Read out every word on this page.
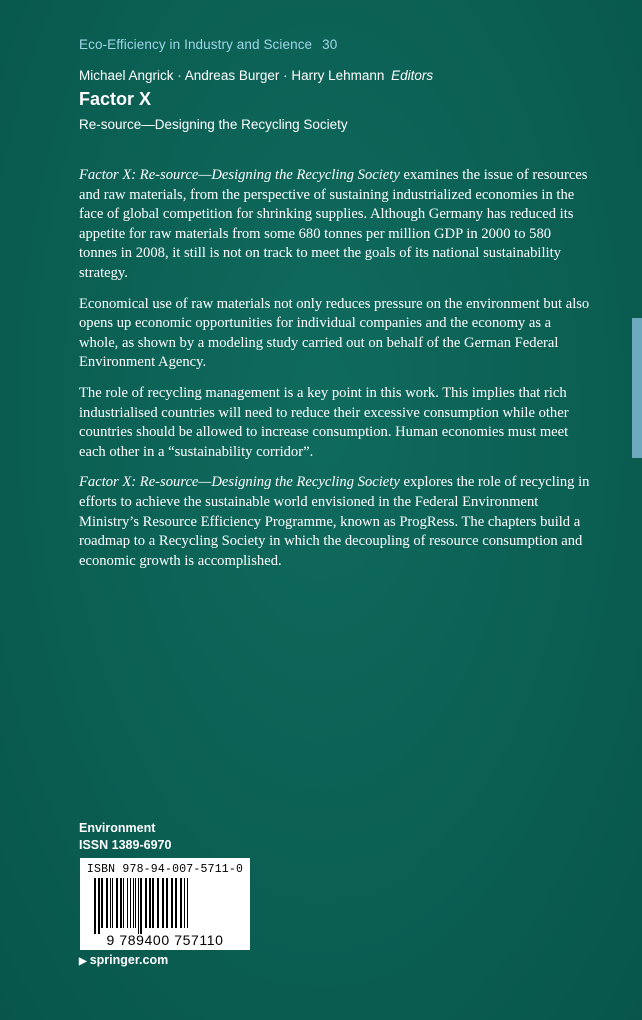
Eco-Efficiency in Industry and Science 30
Michael Angrick · Andreas Burger · Harry Lehmann Editors
Factor X
Re-source—Designing the Recycling Society

Factor X: Re-source—Designing the Recycling Society examines the issue of resources and raw materials, from the perspective of sustaining industrialized economies in the face of global competition for shrinking supplies. Although Germany has reduced its appetite for raw materials from some 680 tonnes per million GDP in 2000 to 580 tonnes in 2008, it still is not on track to meet the goals of its national sustainability strategy.

Economical use of raw materials not only reduces pressure on the environment but also opens up economic opportunities for individual companies and the economy as a whole, as shown by a modeling study carried out on behalf of the German Federal Environment Agency.

The role of recycling management is a key point in this work. This implies that rich industrialised countries will need to reduce their excessive consumption while other countries should be allowed to increase consumption. Human economies must meet each other in a “sustainability corridor”.

Factor X: Re-source—Designing the Recycling Society explores the role of recycling in efforts to achieve the sustainable world envisioned in the Federal Environment Ministry’s Resource Efficiency Programme, known as ProgRess. The chapters build a roadmap to a Recycling Society in which the decoupling of resource consumption and economic growth is accomplished.

Environment
ISSN 1389-6970
ISBN 978-94-007-5711-0
9 789400 757110
▶ springer.com
